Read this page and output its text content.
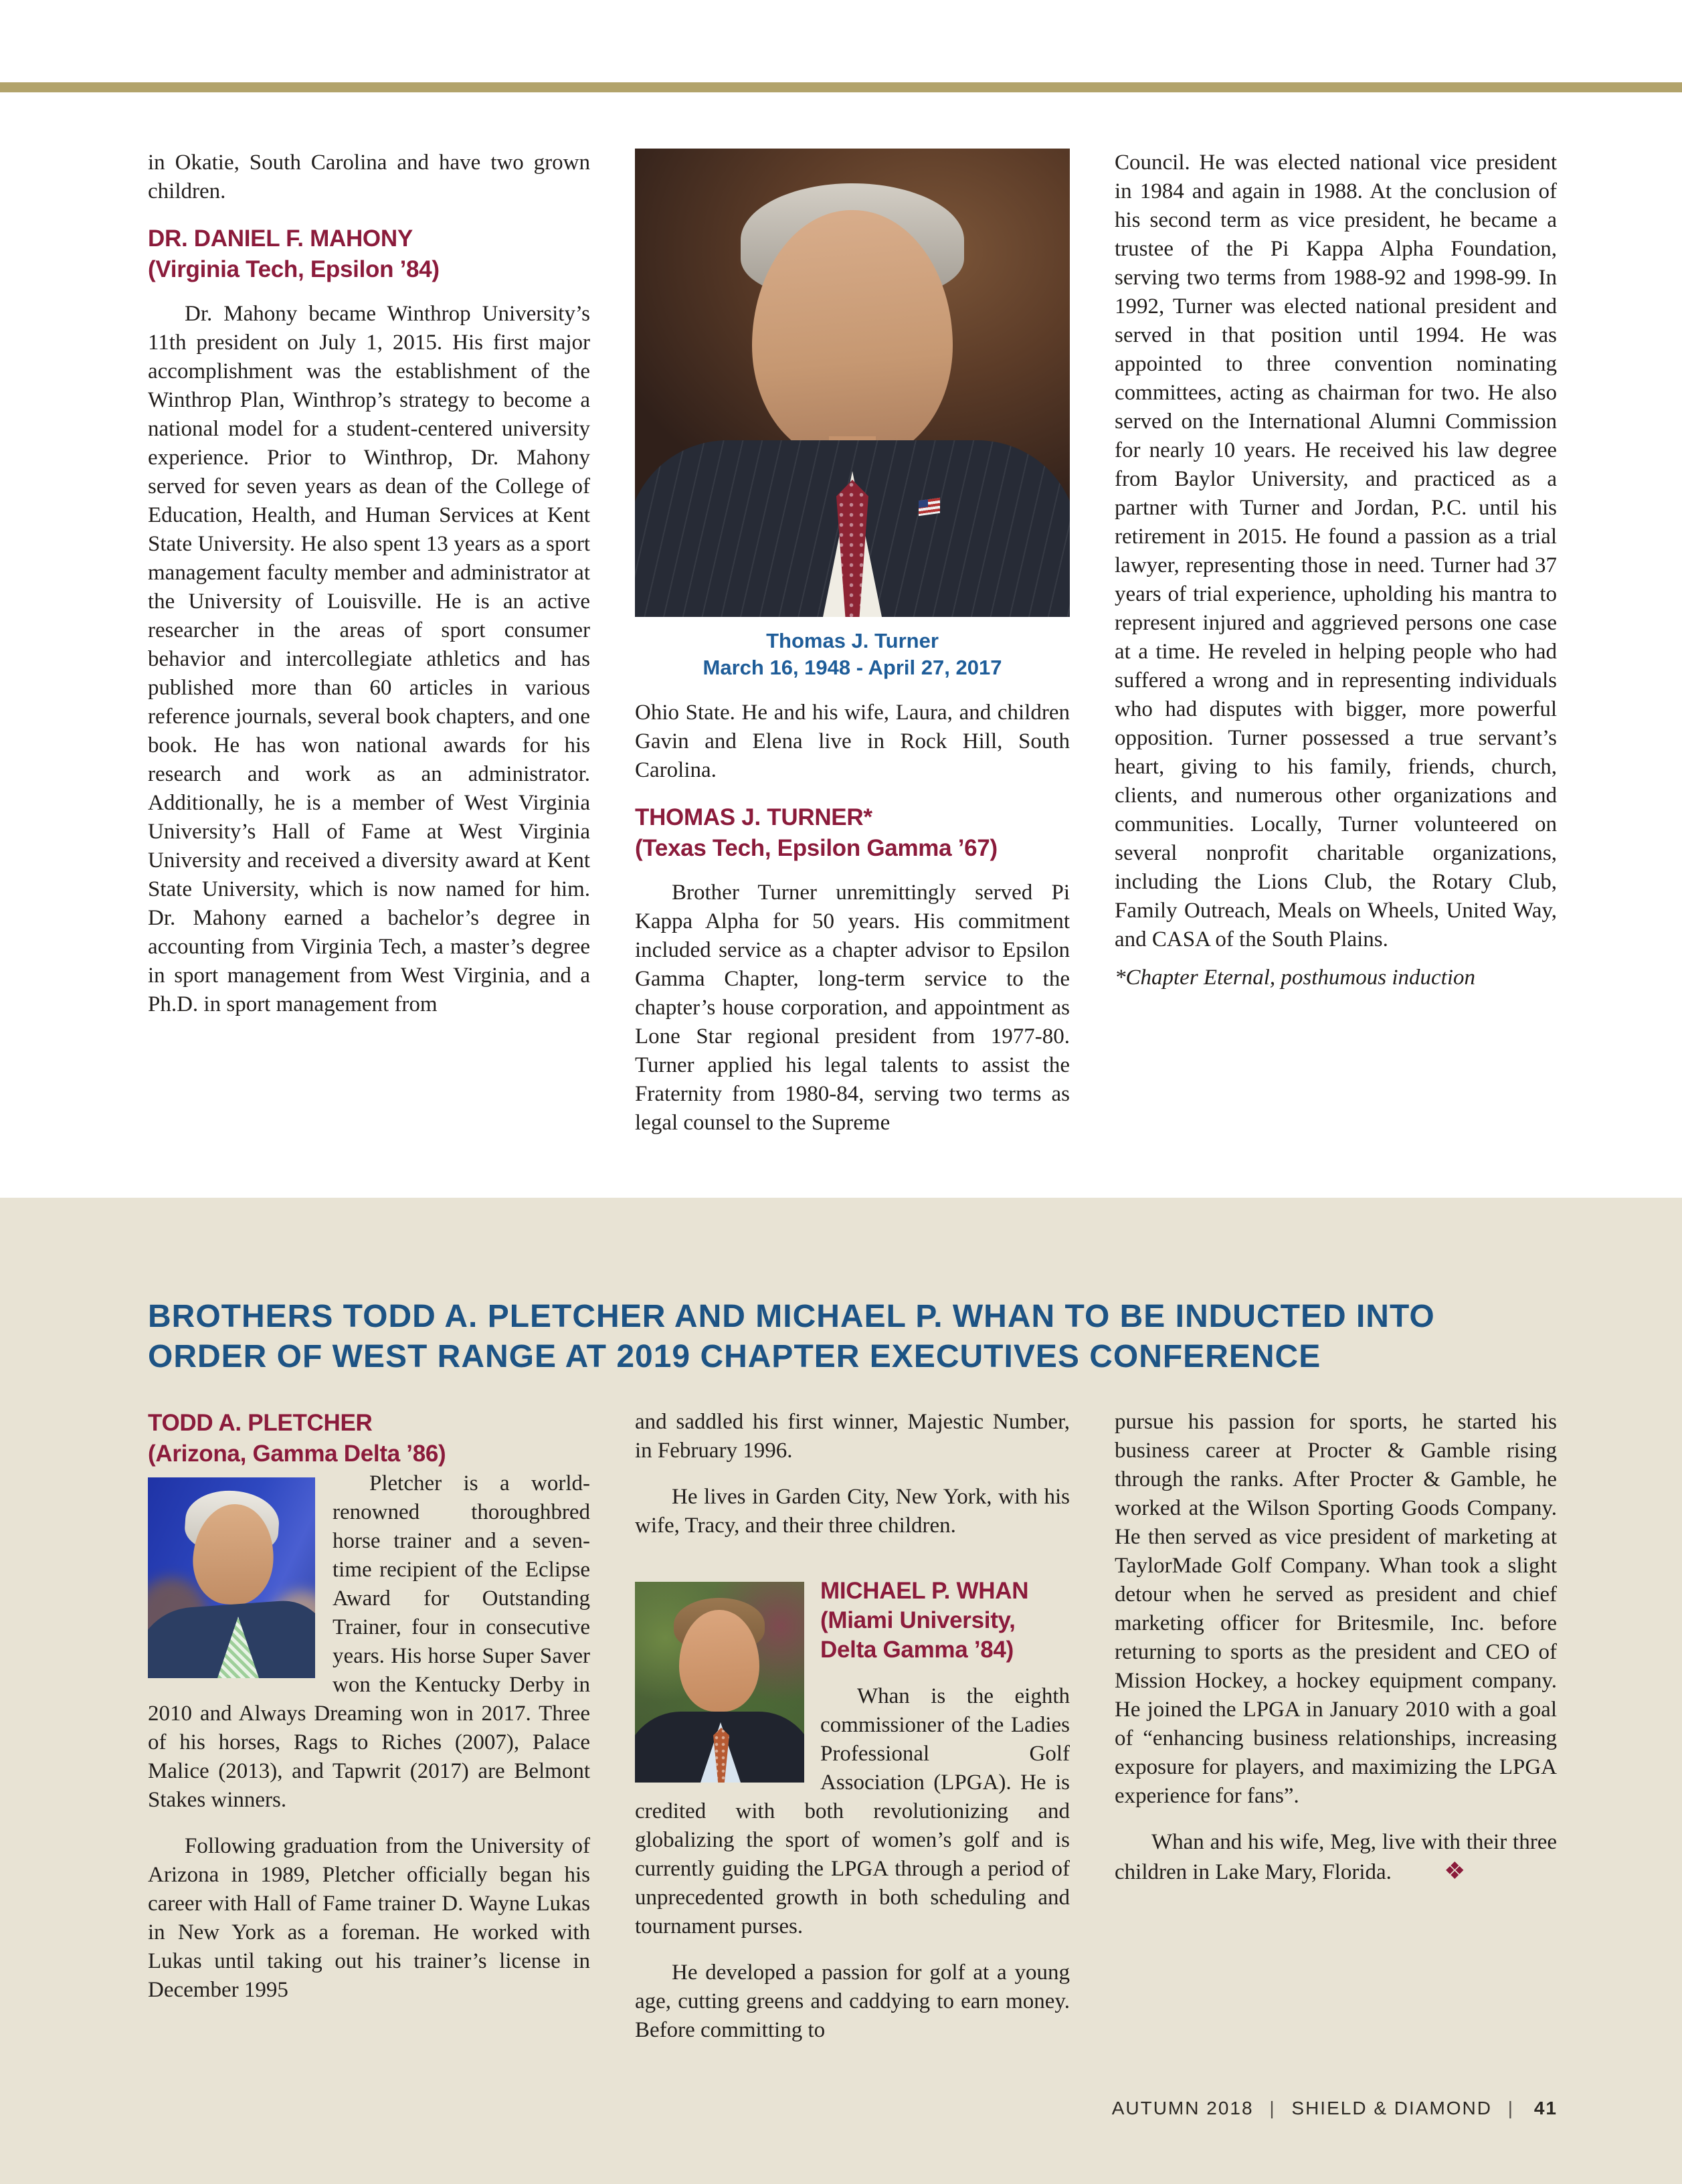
in Okatie, South Carolina and have two grown children.

DR. DANIEL F. MAHONY
(Virginia Tech, Epsilon ’84)

Dr. Mahony became Winthrop University’s 11th president on July 1, 2015. His first major accomplishment was the establishment of the Winthrop Plan, Winthrop’s strategy to become a national model for a student-centered university experience. Prior to Winthrop, Dr. Mahony served for seven years as dean of the College of Education, Health, and Human Services at Kent State University. He also spent 13 years as a sport management faculty member and administrator at the University of Louisville. He is an active researcher in the areas of sport consumer behavior and intercollegiate athletics and has published more than 60 articles in various reference journals, several book chapters, and one book. He has won national awards for his research and work as an administrator. Additionally, he is a member of West Virginia University’s Hall of Fame at West Virginia University and received a diversity award at Kent State University, which is now named for him. Dr. Mahony earned a bachelor’s degree in accounting from Virginia Tech, a master’s degree in sport management from West Virginia, and a Ph.D. in sport management from

Thomas J. Turner
March 16, 1948 - April 27, 2017

Ohio State. He and his wife, Laura, and children Gavin and Elena live in Rock Hill, South Carolina.

THOMAS J. TURNER*
(Texas Tech, Epsilon Gamma ’67)

Brother Turner unremittingly served Pi Kappa Alpha for 50 years. His commitment included service as a chapter advisor to Epsilon Gamma Chapter, long-term service to the chapter’s house corporation, and appointment as Lone Star regional president from 1977-80. Turner applied his legal talents to assist the Fraternity from 1980-84, serving two terms as legal counsel to the Supreme

Council. He was elected national vice president in 1984 and again in 1988. At the conclusion of his second term as vice president, he became a trustee of the Pi Kappa Alpha Foundation, serving two terms from 1988-92 and 1998-99. In 1992, Turner was elected national president and served in that position until 1994. He was appointed to three convention nominating committees, acting as chairman for two. He also served on the International Alumni Commission for nearly 10 years. He received his law degree from Baylor University, and practiced as a partner with Turner and Jordan, P.C. until his retirement in 2015. He found a passion as a trial lawyer, representing those in need. Turner had 37 years of trial experience, upholding his mantra to represent injured and aggrieved persons one case at a time. He reveled in helping people who had suffered a wrong and in representing individuals who had disputes with bigger, more powerful opposition. Turner possessed a true servant’s heart, giving to his family, friends, church, clients, and numerous other organizations and communities. Locally, Turner volunteered on several nonprofit charitable organizations, including the Lions Club, the Rotary Club, Family Outreach, Meals on Wheels, United Way, and CASA of the South Plains.

*Chapter Eternal, posthumous induction

BROTHERS TODD A. PLETCHER AND MICHAEL P. WHAN TO BE INDUCTED INTO
ORDER OF WEST RANGE AT 2019 CHAPTER EXECUTIVES CONFERENCE
TODD A. PLETCHER
(Arizona, Gamma Delta ’86)

Pletcher is a world-renowned thoroughbred horse trainer and a seven-time recipient of the Eclipse Award for Outstanding Trainer, four in consecutive years. His horse Super Saver won the Kentucky Derby in 2010 and Always Dreaming won in 2017. Three of his horses, Rags to Riches (2007), Palace Malice (2013), and Tapwrit (2017) are Belmont Stakes winners.

Following graduation from the University of Arizona in 1989, Pletcher officially began his career with Hall of Fame trainer D. Wayne Lukas in New York as a foreman. He worked with Lukas until taking out his trainer’s license in December 1995

and saddled his first winner, Majestic Number, in February 1996.

He lives in Garden City, New York, with his wife, Tracy, and their three children.

MICHAEL P. WHAN
(Miami University,
Delta Gamma ’84)

Whan is the eighth commissioner of the Ladies Professional Golf Association (LPGA). He is credited with both revolutionizing and globalizing the sport of women’s golf and is currently guiding the LPGA through a period of unprecedented growth in both scheduling and tournament purses.

He developed a passion for golf at a young age, cutting greens and caddying to earn money. Before committing to

pursue his passion for sports, he started his business career at Procter & Gamble rising through the ranks. After Procter & Gamble, he worked at the Wilson Sporting Goods Company. He then served as vice president of marketing at TaylorMade Golf Company. Whan took a slight detour when he served as president and chief marketing officer for Britesmile, Inc. before returning to sports as the president and CEO of Mission Hockey, a hockey equipment company. He joined the LPGA in January 2010 with a goal of “enhancing business relationships, increasing exposure for players, and maximizing the LPGA experience for fans”.

Whan and his wife, Meg, live with their three children in Lake Mary, Florida. ❖

AUTUMN 2018 | SHIELD & DIAMOND | 41
